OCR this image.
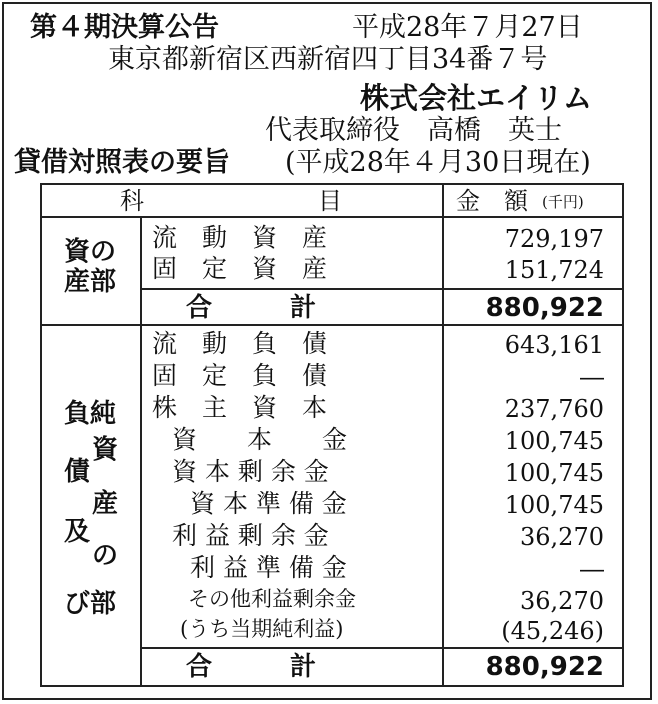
第４期決算公告	平成28年７月27日
東京都新宿区西新宿四丁目34番７号
株式会社エイリム
代表取締役　高橋　英士
貸借対照表の要旨 (平成28年４月30日現在)
科	目	金　額 (千円)
資の
産部
流　動　資　産	729,197
固　定　資　産	151,724
合　　　計	880,922
負純
資
債
産
及
の
び部
流　動　負　債	643,161
固　定　負　債	―
株　主　資　本	237,760
資　　本　　金	100,745
資 本 剰 余 金	100,745
資 本 準 備 金	100,745
利 益 剰 余 金	36,270
利 益 準 備 金	―
その他利益剰余金	36,270
(うち当期純利益)	(45,246)
合　　　計	880,922
